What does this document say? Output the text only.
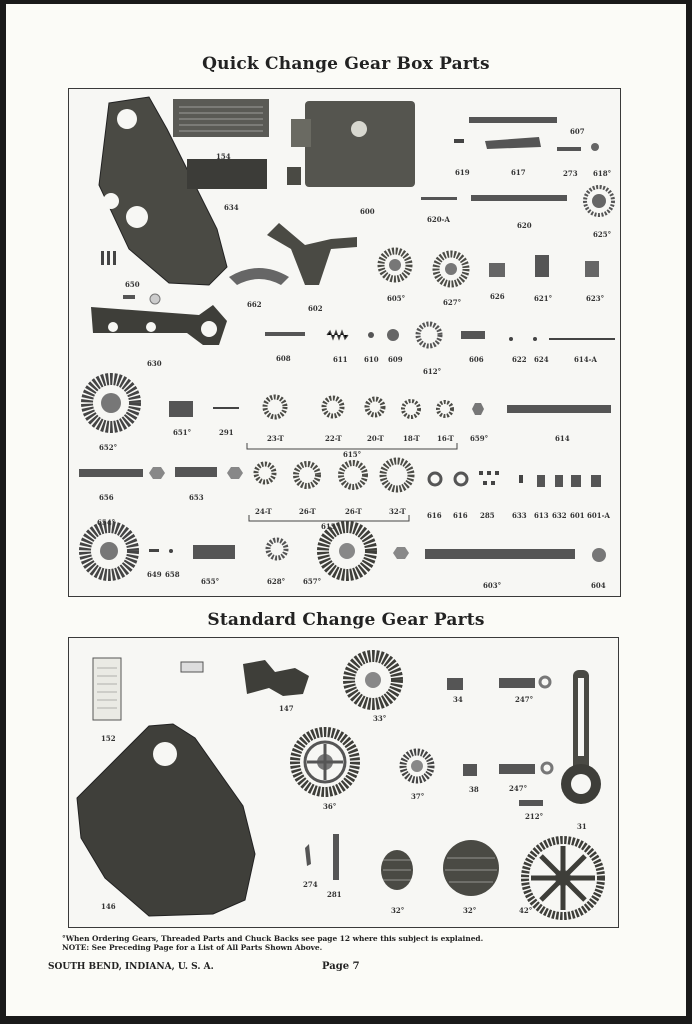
Quick Change Gear Box Parts
154
607
619	617	273 618°
634	600
620-A
620
625°
650
662	602
605°	627°
626	621°	623°
630
608	611 610 609
612°
606	622 624	614-A
652°
651°	291
23-T	22-T	20-T	18-T 16-T 659°	614
615°
656	653
24-T	26-T	26-T	32-T	616 616 285 633 613 632 601 601-A
654°	615°
649 658
655°	628°	657°	603°	604
Standard Change Gear Parts
152
147
33°
34	247°
36°
37°
38	247°
212°
31
146
274
281
32°	32°	42°
°When Ordering Gears, Threaded Parts and Chuck Backs see page 12 where this subject is explained.
NOTE: See Preceding Page for a List of All Parts Shown Above.
SOUTH BEND, INDIANA, U. S. A.	Page 7
